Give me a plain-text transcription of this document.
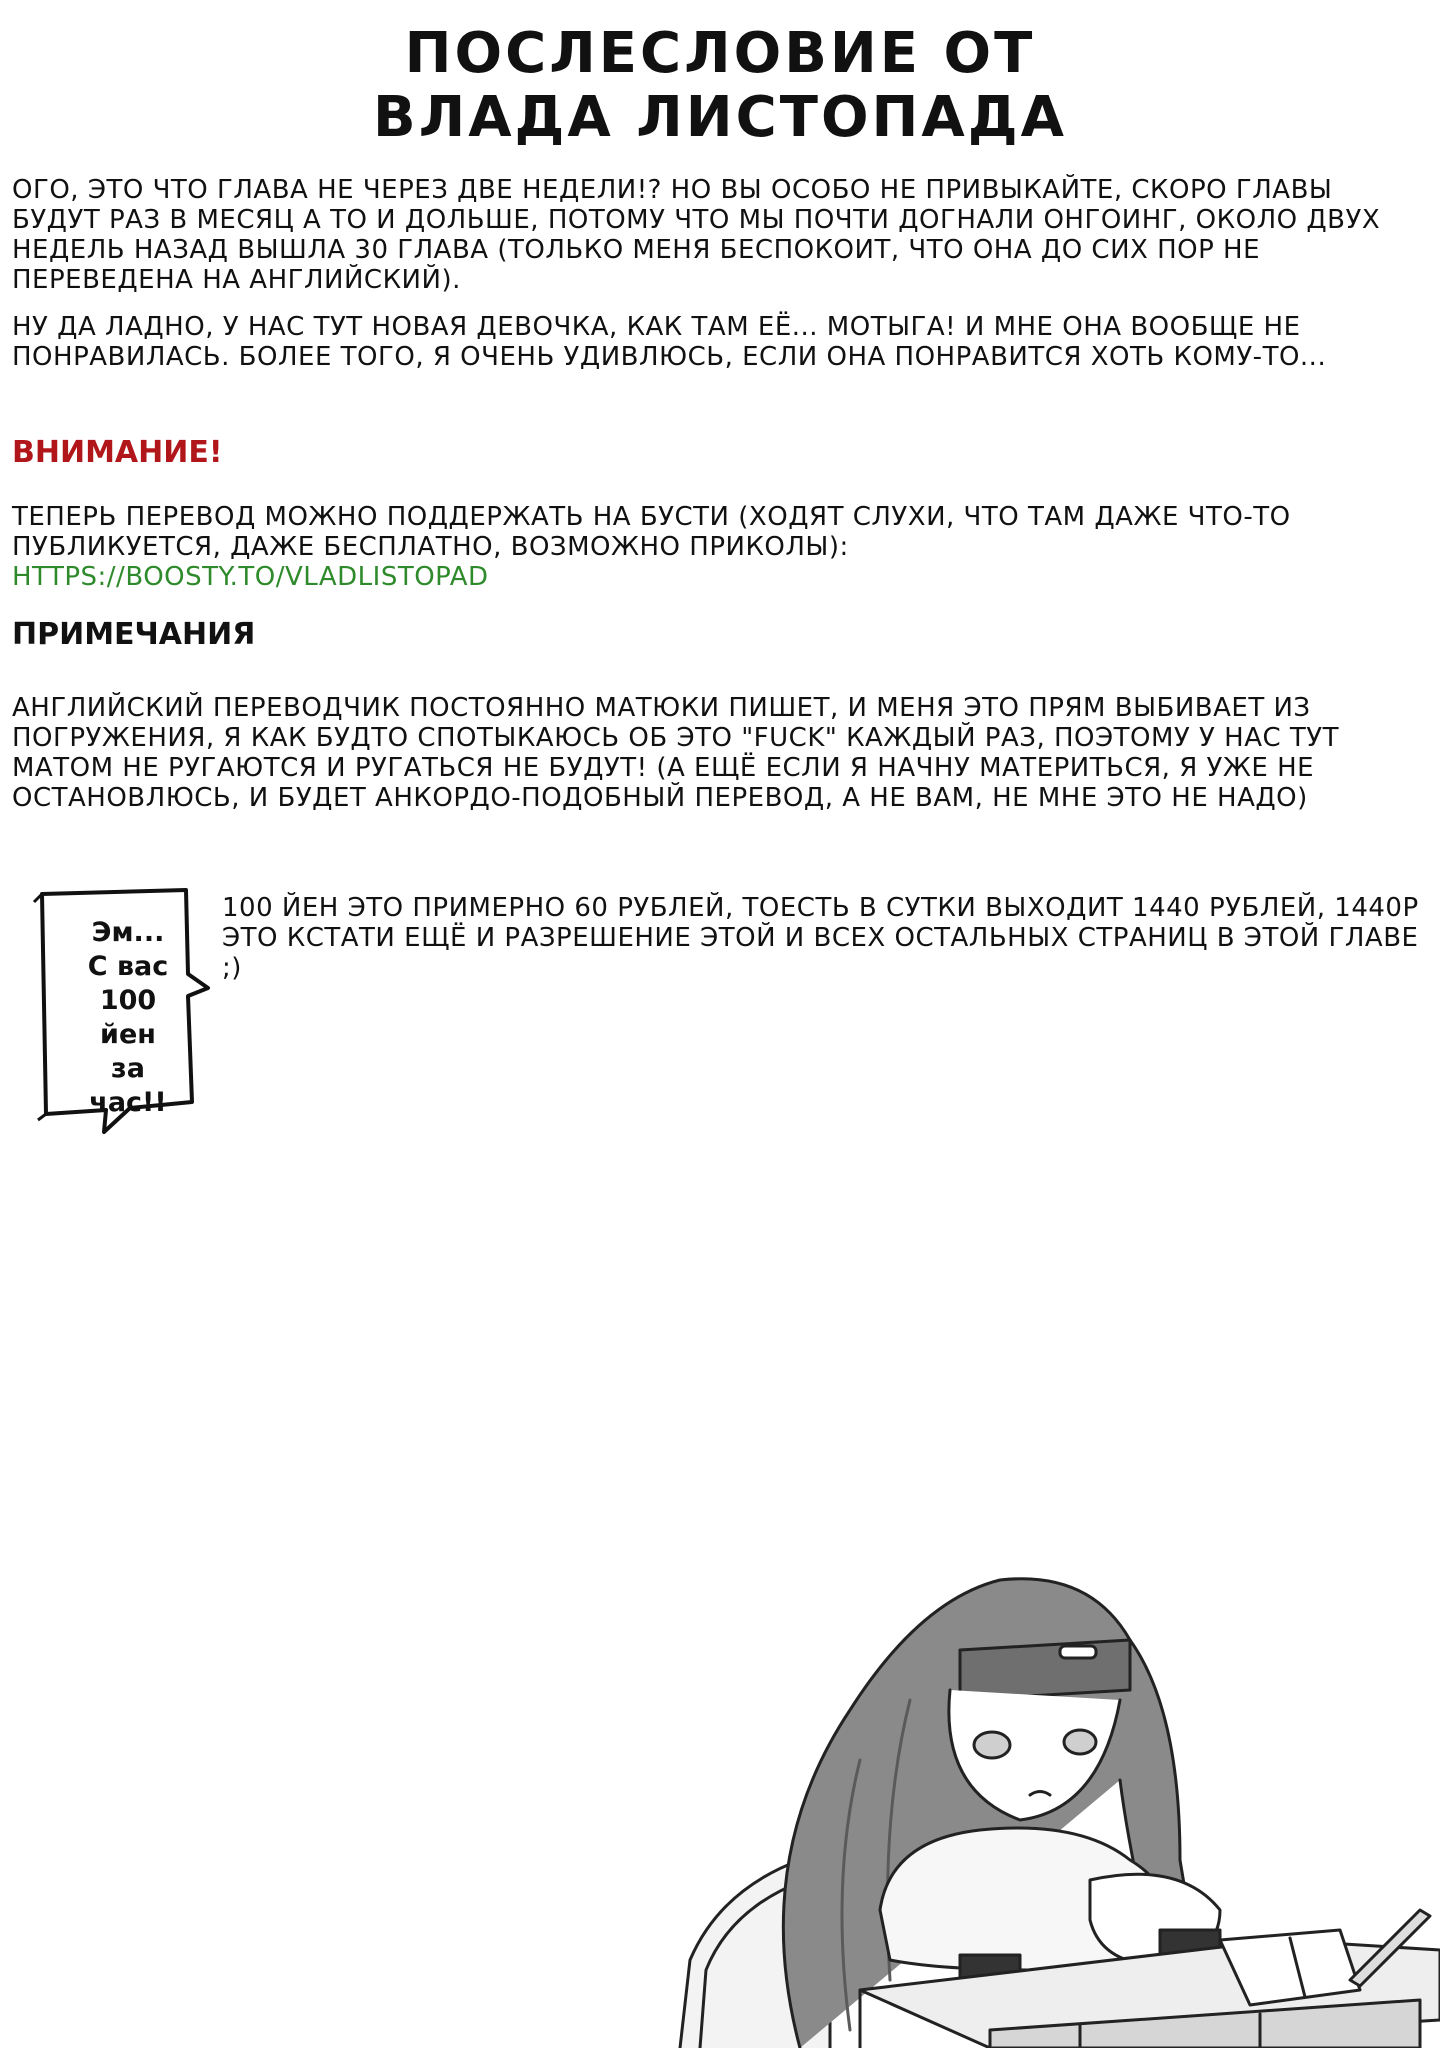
ПОСЛЕСЛОВИЕ ОТ
ВЛАДА ЛИСТОПАДА

ОГО, ЭТО ЧТО ГЛАВА НЕ ЧЕРЕЗ ДВЕ НЕДЕЛИ!? НО ВЫ ОСОБО НЕ ПРИВЫКАЙТЕ, СКОРО ГЛАВЫ БУДУТ РАЗ В МЕСЯЦ А ТО И ДОЛЬШЕ, ПОТОМУ ЧТО МЫ ПОЧТИ ДОГНАЛИ ОНГОИНГ, ОКОЛО ДВУХ НЕДЕЛЬ НАЗАД ВЫШЛА 30 ГЛАВА (ТОЛЬКО МЕНЯ БЕСПОКОИТ, ЧТО ОНА ДО СИХ ПОР НЕ ПЕРЕВЕДЕНА НА АНГЛИЙСКИЙ).

НУ ДА ЛАДНО, У НАС ТУТ НОВАЯ ДЕВОЧКА, КАК ТАМ ЕЁ... МОТЫГА! И МНЕ ОНА ВООБЩЕ НЕ ПОНРАВИЛАСЬ. БОЛЕЕ ТОГО, Я ОЧЕНЬ УДИВЛЮСЬ, ЕСЛИ ОНА ПОНРАВИТСЯ ХОТЬ КОМУ-ТО...

ВНИМАНИЕ!
ТЕПЕРЬ ПЕРЕВОД МОЖНО ПОДДЕРЖАТЬ НА БУСТИ (ХОДЯТ СЛУХИ, ЧТО ТАМ ДАЖЕ ЧТО-ТО ПУБЛИКУЕТСЯ, ДАЖЕ БЕСПЛАТНО, ВОЗМОЖНО ПРИКОЛЫ):
HTTPS://BOOSTY.TO/VLADLISTOPAD
ПРИМЕЧАНИЯ

АНГЛИЙСКИЙ ПЕРЕВОДЧИК ПОСТОЯННО МАТЮКИ ПИШЕТ, И МЕНЯ ЭТО ПРЯМ ВЫБИВАЕТ ИЗ ПОГРУЖЕНИЯ, Я КАК БУДТО СПОТЫКАЮСЬ ОБ ЭТО "FUCK" КАЖДЫЙ РАЗ, ПОЭТОМУ У НАС ТУТ МАТОМ НЕ РУГАЮТСЯ И РУГАТЬСЯ НЕ БУДУТ! (А ЕЩЁ ЕСЛИ Я НАЧНУ МАТЕРИТЬСЯ, Я УЖЕ НЕ ОСТАНОВЛЮСЬ, И БУДЕТ АНКОРДО-ПОДОБНЫЙ ПЕРЕВОД, А НЕ ВАМ, НЕ МНЕ ЭТО НЕ НАДО)

Эм...
С вас
100 йен
за час!!

100 ЙЕН ЭТО ПРИМЕРНО 60 РУБЛЕЙ, ТОЕСТЬ В СУТКИ ВЫХОДИТ 1440 РУБЛЕЙ, 1440Р ЭТО КСТАТИ ЕЩЁ И РАЗРЕШЕНИЕ ЭТОЙ И ВСЕХ ОСТАЛЬНЫХ СТРАНИЦ В ЭТОЙ ГЛАВЕ ;)
